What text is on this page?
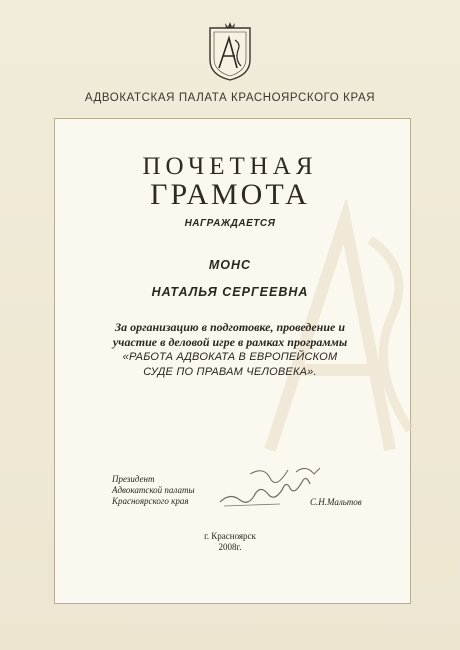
АДВОКАТСКАЯ ПАЛАТА КРАСНОЯРСКОГО КРАЯ
ПОЧЕТНАЯ
ГРАМОТА
НАГРАЖДАЕТСЯ
МОНС
НАТАЛЬЯ СЕРГЕЕВНА
За организацию в подготовке, проведение и
участие в деловой игре в рамках программы
«РАБОТА АДВОКАТА В ЕВРОПЕЙСКОМ
СУДЕ ПО ПРАВАМ ЧЕЛОВЕКА».
Президент
Адвокатской палаты
Красноярского края	С.Н.Мальтов
г. Красноярск
2008г.
